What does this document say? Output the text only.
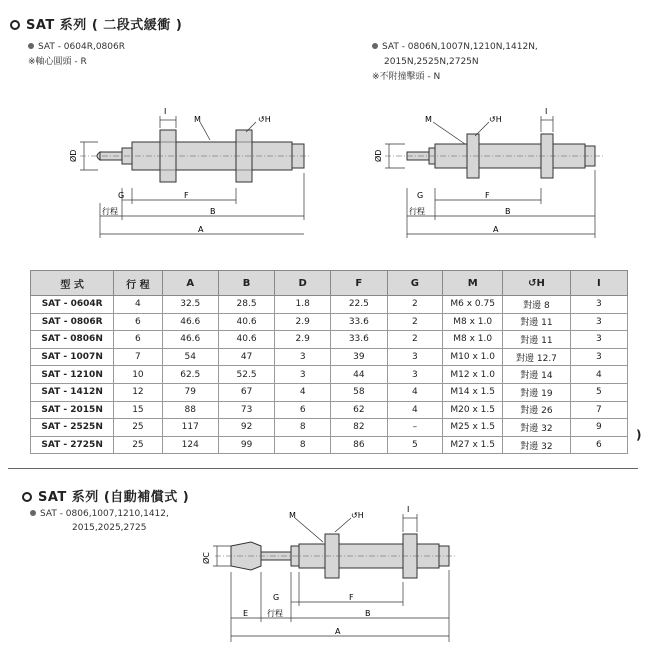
SAT 系列 ( 二段式緩衝 )
SAT - 0604R,0806R
※軸心圓頭 - R
SAT - 0806N,1007N,1210N,1412N,
2015N,2525N,2725N
※不附撞擊頭 - N
I
M	↺H
ØD
G	F
行程	B
A
I
M	↺H
ØD
G	F
行程	B
A
型 式	行 程	A	B	D	F	G	M	↺H	I
SAT - 0604R	4	32.5	28.5	1.8	22.5	2	M6 x 0.75	對邊 8	3
SAT - 0806R	6	46.6	40.6	2.9	33.6	2	M8 x 1.0	對邊 11	3
SAT - 0806N	6	46.6	40.6	2.9	33.6	2	M8 x 1.0	對邊 11	3
SAT - 1007N	7	54	47	3	39	3	M10 x 1.0	對邊 12.7	3
SAT - 1210N	10	62.5	52.5	3	44	3	M12 x 1.0	對邊 14	4
SAT - 1412N	12	79	67	4	58	4	M14 x 1.5	對邊 19	5
SAT - 2015N	15	88	73	6	62	4	M20 x 1.5	對邊 26	7
SAT - 2525N	25	117	92	8	82	–	M25 x 1.5	對邊 32	9
SAT - 2725N	25	124	99	8	86	5	M27 x 1.5	對邊 32	6
)
SAT 系列 (自動補償式 )
SAT - 0806,1007,1210,1412,
2015,2025,2725
I
M	↺H
ØC
G	F
E 行程	B
A
